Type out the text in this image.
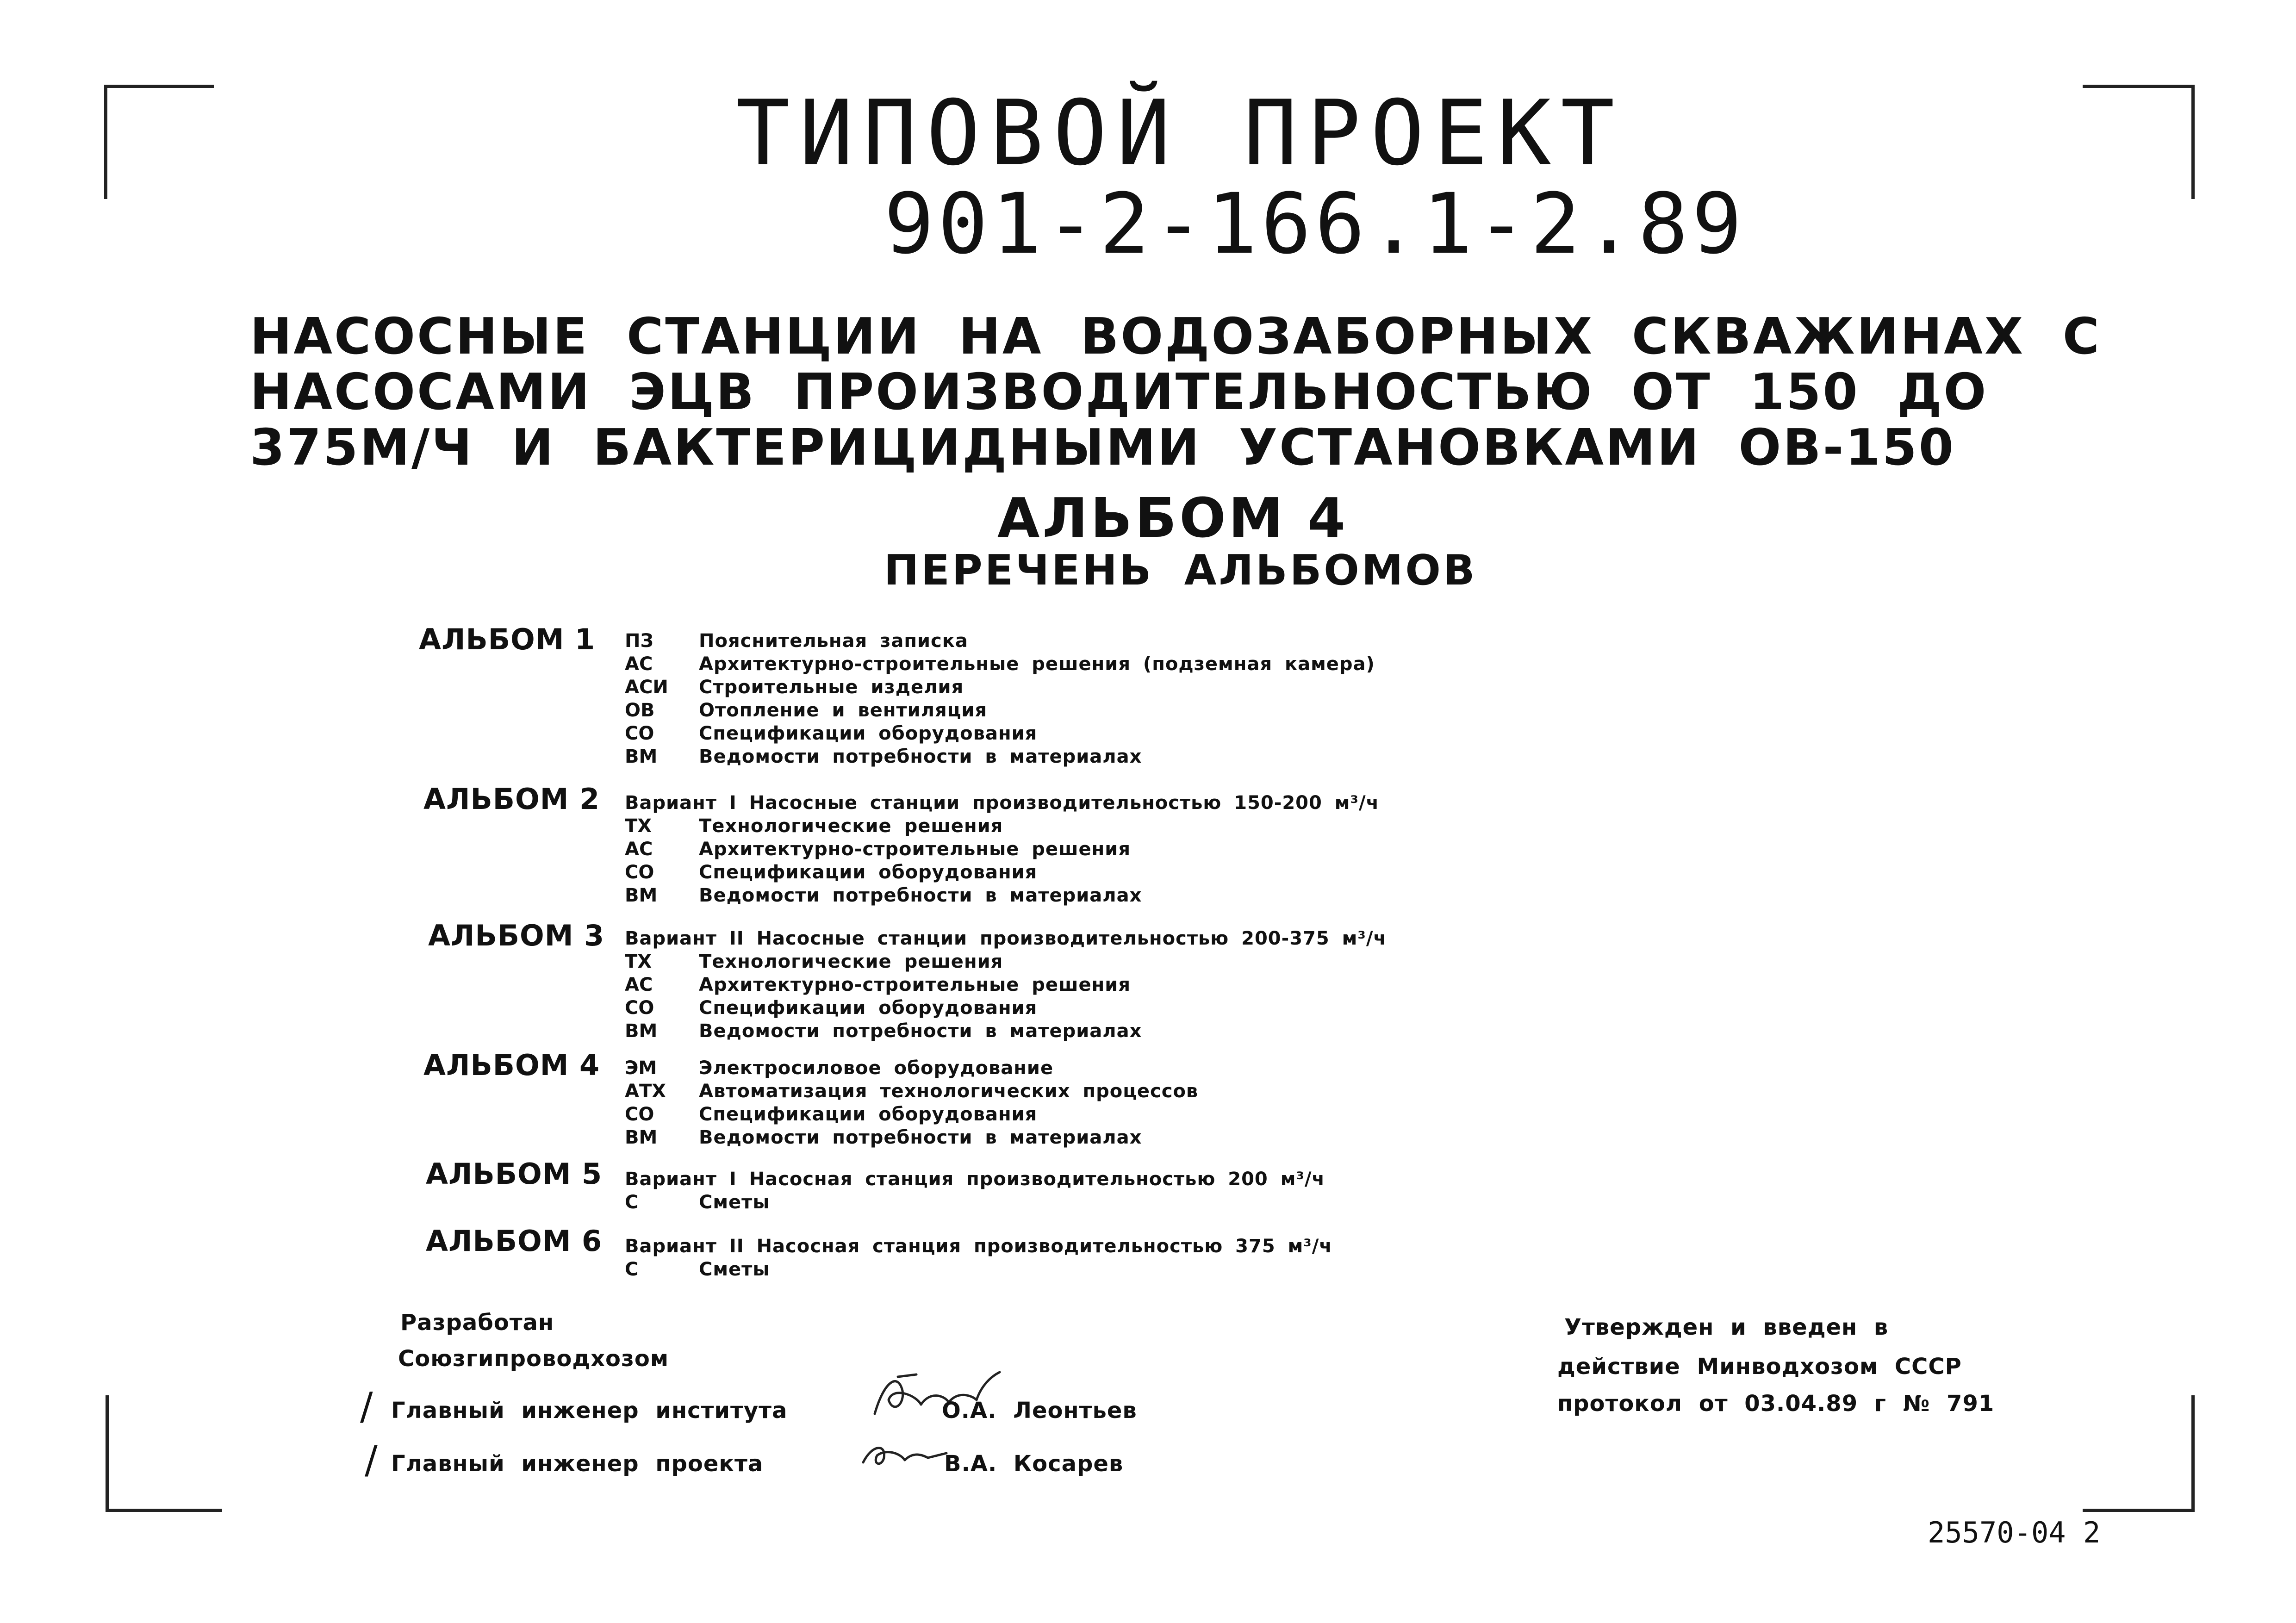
ТИПОВОЙ ПРОЕКТ
901-2-166.1-2.89
НАСОСНЫЕ СТАНЦИИ НА ВОДОЗАБОРНЫХ СКВАЖИНАХ С
НАСОСАМИ ЭЦВ ПРОИЗВОДИТЕЛЬНОСТЬЮ ОТ 150 ДО
375М/Ч И БАКТЕРИЦИДНЫМИ УСТАНОВКАМИ ОВ-150
АЛЬБОМ 4
ПЕРЕЧЕНЬ АЛЬБОМОВ
АЛЬБОМ 1 ПЗ Пояснительная записка
АС Архитектурно-строительные решения (подземная камера)
АСИ Строительные изделия
ОВ Отопление и вентиляция
СО Спецификации оборудования
ВМ Ведомости потребности в материалах
АЛЬБОМ 2 Вариант I Насосные станции производительностью 150-200 м³/ч
ТХ	Технологические решения
АС Архитектурно-строительные решения
СО Спецификации оборудования
ВМ Ведомости потребности в материалах
АЛЬБОМ 3 Вариант II Насосные станции производительностью 200-375 м³/ч
ТХ	Технологические решения
АС Архитектурно-строительные решения
СО Спецификации оборудования
ВМ Ведомости потребности в материалах
АЛЬБОМ 4 ЭМ Электросиловое оборудование
АТХ Автоматизация технологических процессов
СО Спецификации оборудования
ВМ Ведомости потребности в материалах
АЛЬБОМ 5 Вариант I Насосная станция производительностью 200 м³/ч
С	Сметы
АЛЬБОМ 6 Вариант II Насосная станция производительностью 375 м³/ч
С	Сметы
Разработан
Союзгипроводхозом
/ Главный инженер института	О.А. Леонтьев
/ Главный инженер проекта	В.А. Косарев
Утвержден и введен в
действие Минводхозом СССР
протокол от 03.04.89 г № 791
25570-04 2
